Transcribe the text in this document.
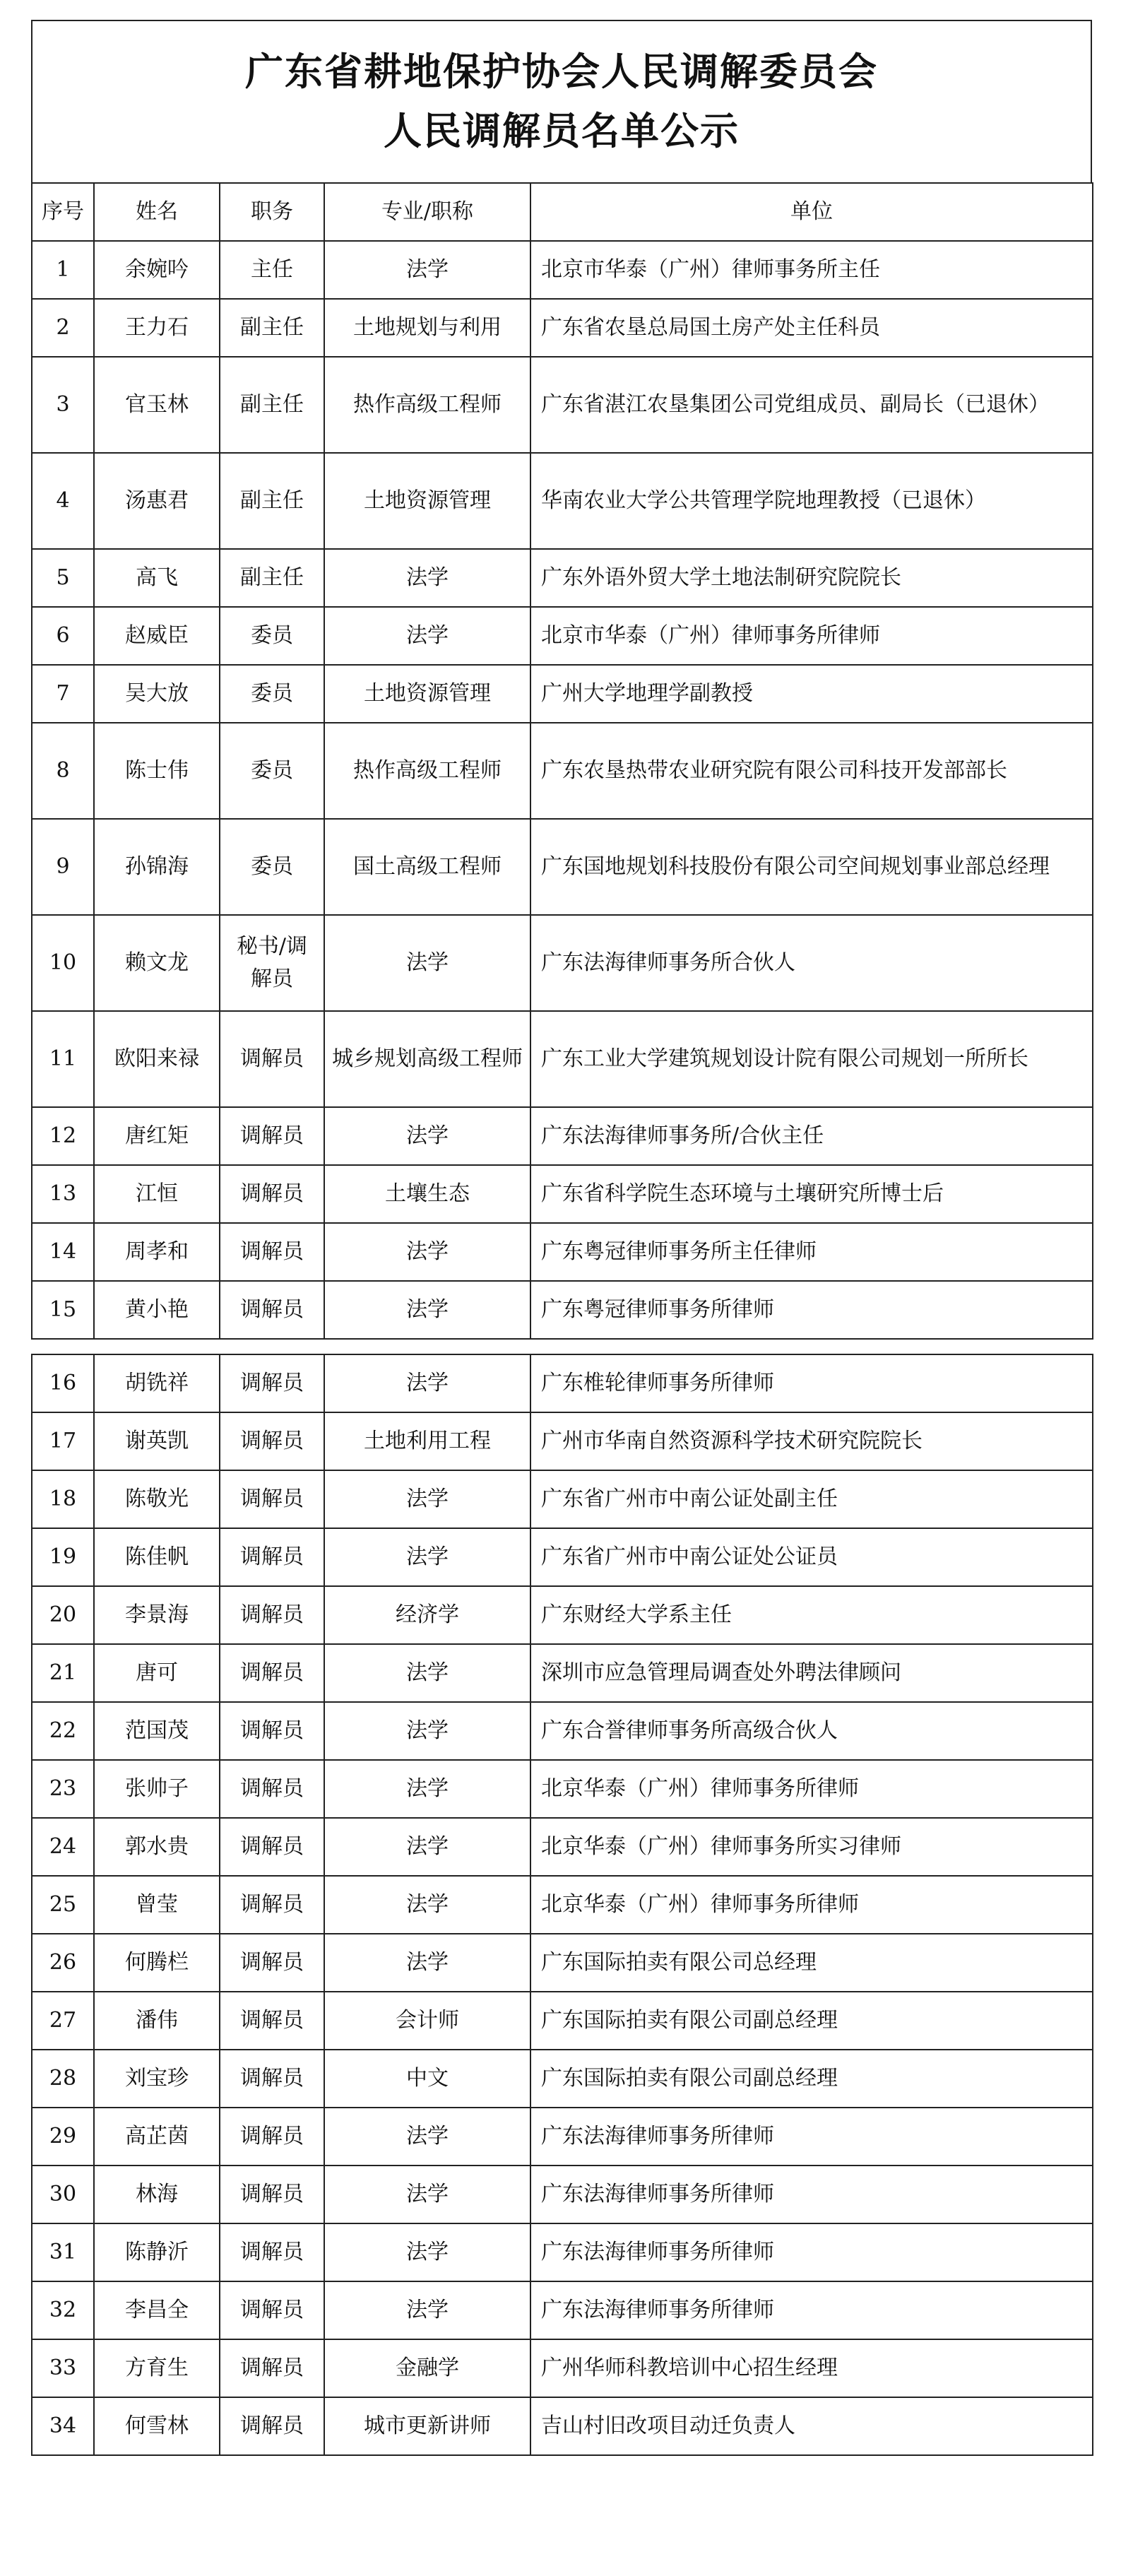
广东省耕地保护协会人民调解委员会
人民调解员名单公示
序号	姓名	职务	专业/职称	单位
1	余婉吟	主任	法学	北京市华泰（广州）律师事务所主任
2	王力石	副主任	土地规划与利用	广东省农垦总局国土房产处主任科员
3	官玉林	副主任	热作高级工程师	广东省湛江农垦集团公司党组成员、副局长（已退休）
4	汤惠君	副主任	土地资源管理	华南农业大学公共管理学院地理教授（已退休）
5	高飞	副主任	法学	广东外语外贸大学土地法制研究院院长
6	赵威臣	委员	法学	北京市华泰（广州）律师事务所律师
7	吴大放	委员	土地资源管理	广州大学地理学副教授
8	陈士伟	委员	热作高级工程师	广东农垦热带农业研究院有限公司科技开发部部长
9	孙锦海	委员	国土高级工程师	广东国地规划科技股份有限公司空间规划事业部总经理
10	赖文龙	秘书/调解员	法学	广东法海律师事务所合伙人
11	欧阳来禄	调解员	城乡规划高级工程师	广东工业大学建筑规划设计院有限公司规划一所所长
12	唐红矩	调解员	法学	广东法海律师事务所/合伙主任
13	江恒	调解员	土壤生态	广东省科学院生态环境与土壤研究所博士后
14	周孝和	调解员	法学	广东粤冠律师事务所主任律师
15	黄小艳	调解员	法学	广东粤冠律师事务所律师
16	胡铣祥	调解员	法学	广东椎轮律师事务所律师
17	谢英凯	调解员	土地利用工程	广州市华南自然资源科学技术研究院院长
18	陈敬光	调解员	法学	广东省广州市中南公证处副主任
19	陈佳帆	调解员	法学	广东省广州市中南公证处公证员
20	李景海	调解员	经济学	广东财经大学系主任
21	唐可	调解员	法学	深圳市应急管理局调查处外聘法律顾问
22	范国茂	调解员	法学	广东合誉律师事务所高级合伙人
23	张帅子	调解员	法学	北京华泰（广州）律师事务所律师
24	郭水贵	调解员	法学	北京华泰（广州）律师事务所实习律师
25	曾莹	调解员	法学	北京华泰（广州）律师事务所律师
26	何腾栏	调解员	法学	广东国际拍卖有限公司总经理
27	潘伟	调解员	会计师	广东国际拍卖有限公司副总经理
28	刘宝珍	调解员	中文	广东国际拍卖有限公司副总经理
29	高芷茵	调解员	法学	广东法海律师事务所律师
30	林海	调解员	法学	广东法海律师事务所律师
31	陈静沂	调解员	法学	广东法海律师事务所律师
32	李昌全	调解员	法学	广东法海律师事务所律师
33	方育生	调解员	金融学	广州华师科教培训中心招生经理
34	何雪林	调解员	城市更新讲师	吉山村旧改项目动迁负责人
